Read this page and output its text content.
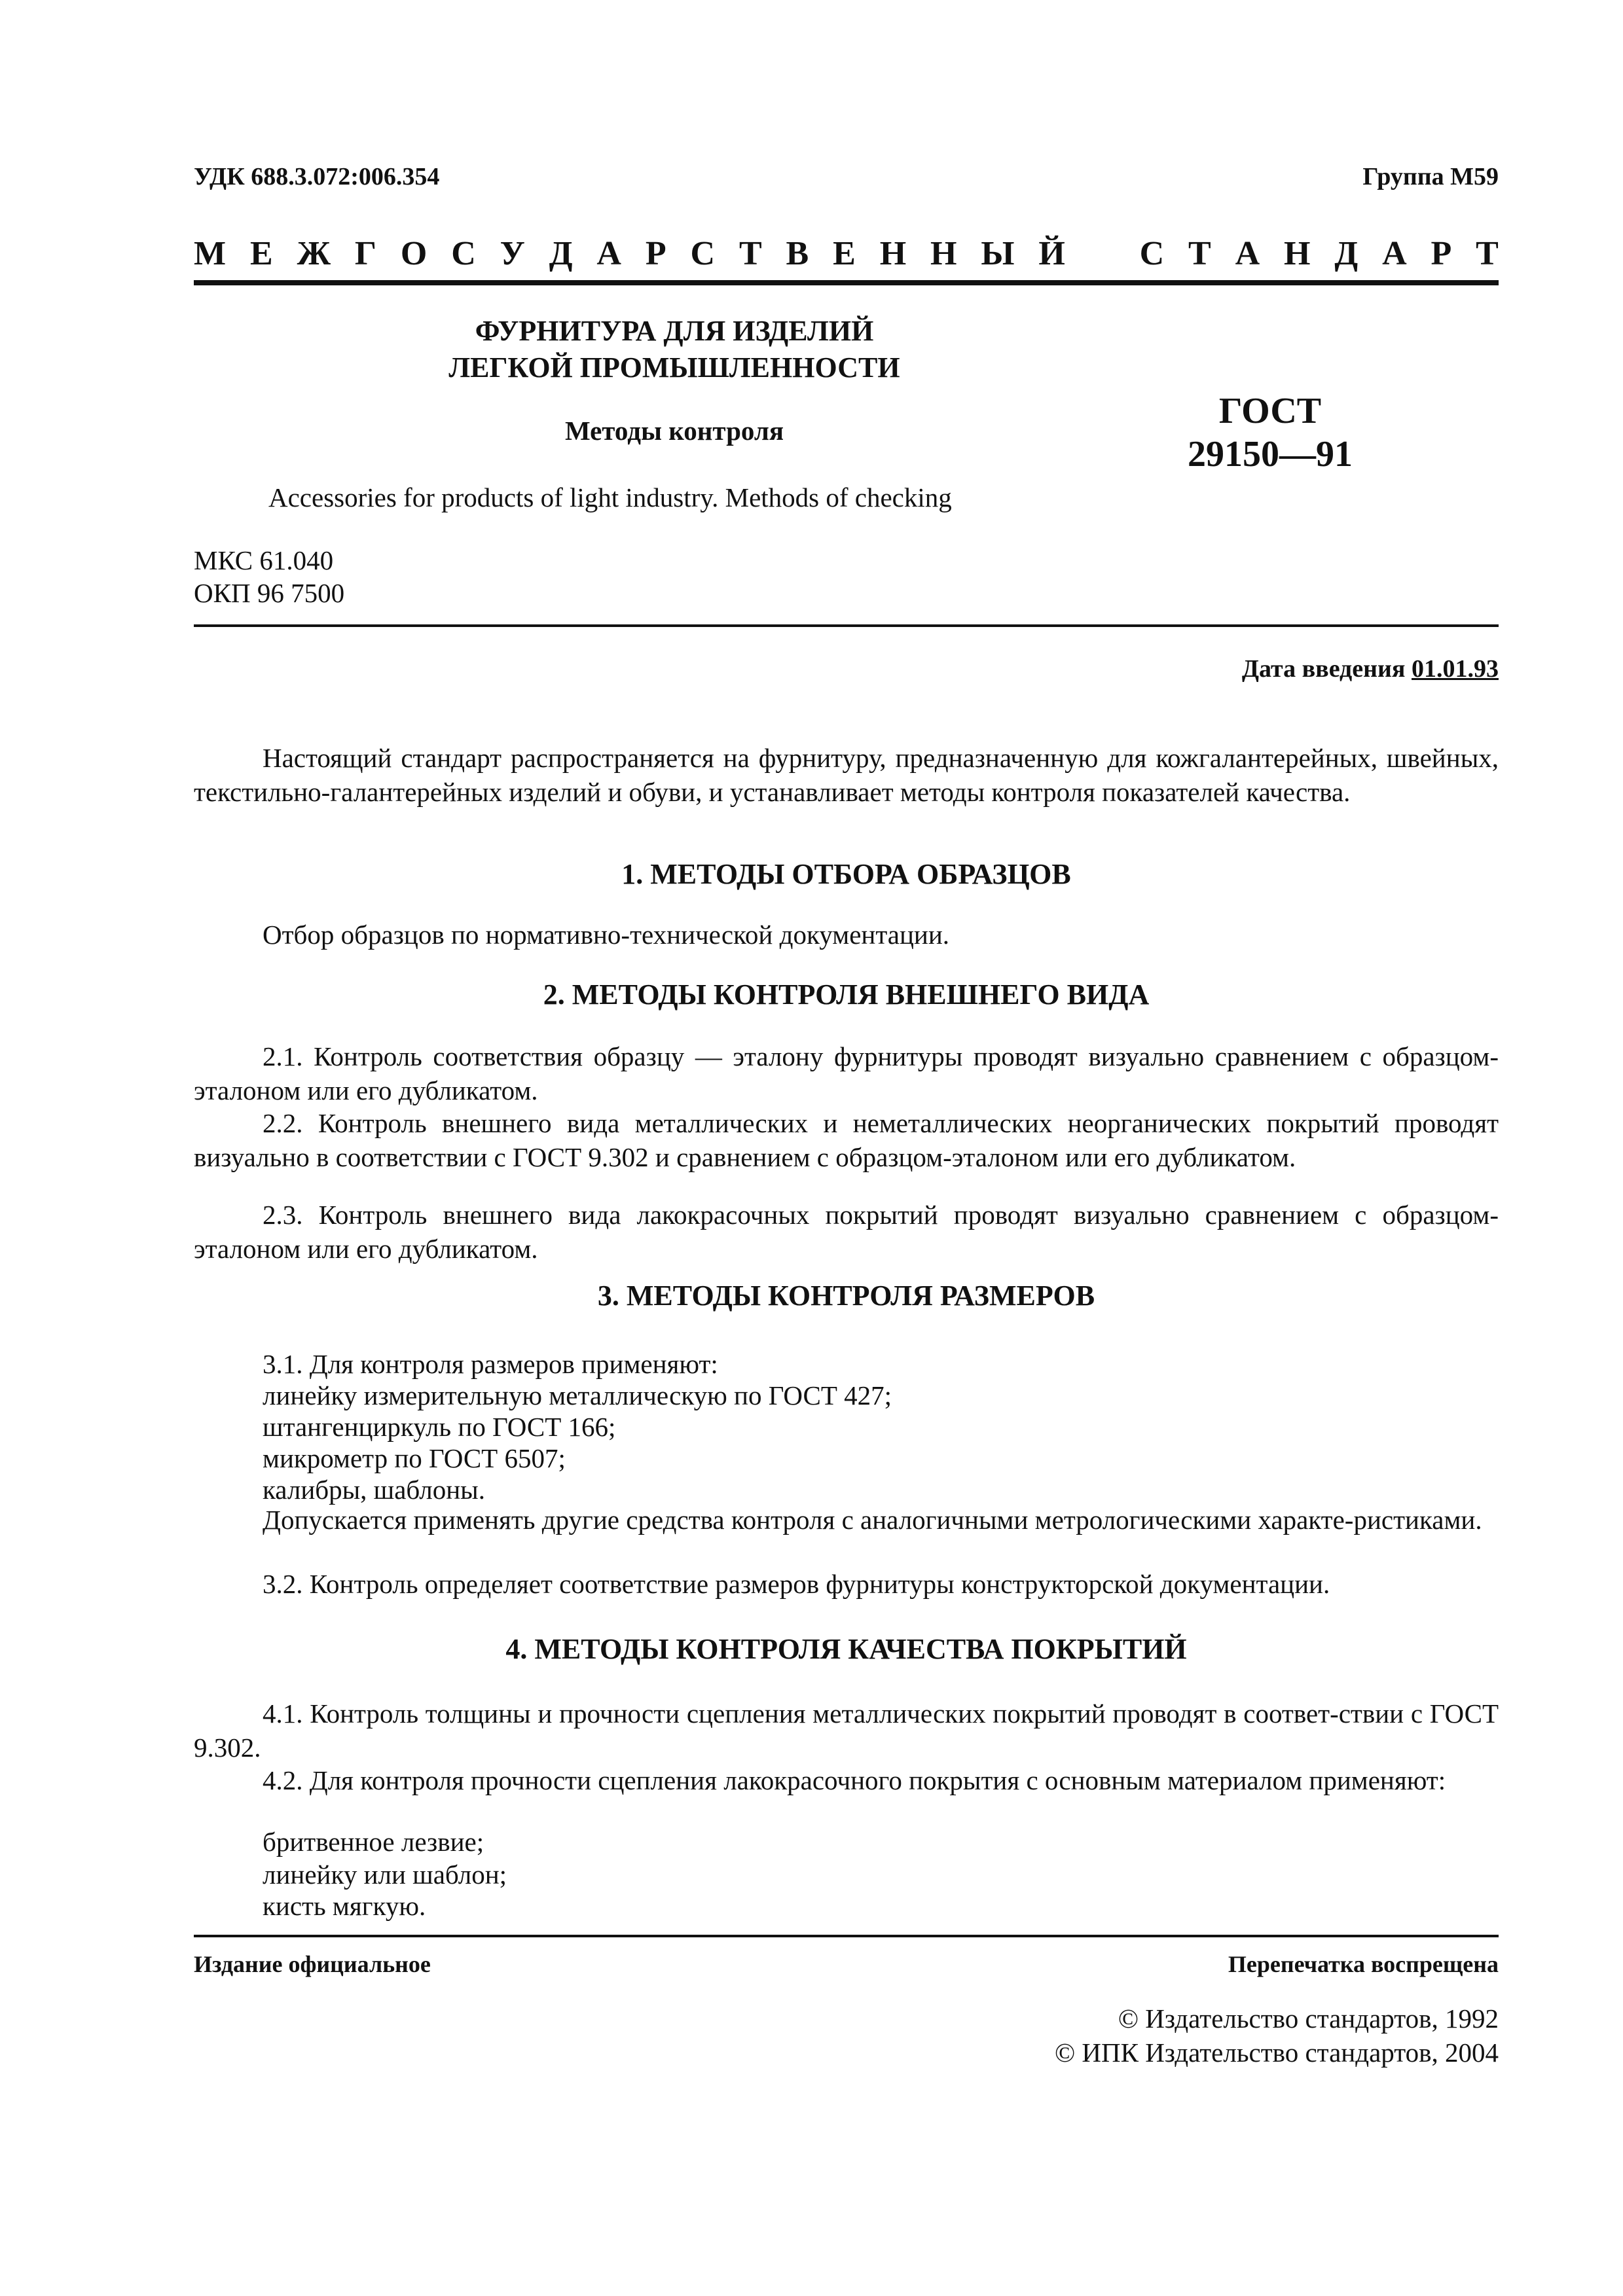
УДК 688.3.072:006.354	Группа М59
М Е Ж Г О С У Д А Р С Т В Е Н Н Ы Й С Т А Н Д А Р Т
ФУРНИТУРА ДЛЯ ИЗДЕЛИЙ
ЛЕГКОЙ ПРОМЫШЛЕННОСТИ
Методы контроля	ГОСТ
29150—91
Accessories for products of light industry. Methods of checking
МКС 61.040
ОКП 96 7500
Дата введения 01.01.93
Настоящий стандарт распространяется на фурнитуру, предназначенную для кожгалантерейных, швейных, текстильно-галантерейных изделий и обуви, и устанавливает методы контроля показателей качества.
1. МЕТОДЫ ОТБОРА ОБРАЗЦОВ
Отбор образцов по нормативно-технической документации.
2. МЕТОДЫ КОНТРОЛЯ ВНЕШНЕГО ВИДА
2.1. Контроль соответствия образцу — эталону фурнитуры проводят визуально сравнением с образцом-эталоном или его дубликатом.
2.2. Контроль внешнего вида металлических и неметаллических неорганических покрытий проводят визуально в соответствии с ГОСТ 9.302 и сравнением с образцом-эталоном или его дубликатом.
2.3. Контроль внешнего вида лакокрасочных покрытий проводят визуально сравнением с образцом-эталоном или его дубликатом.
3. МЕТОДЫ КОНТРОЛЯ РАЗМЕРОВ
3.1. Для контроля размеров применяют:
линейку измерительную металлическую по ГОСТ 427;
штангенциркуль по ГОСТ 166;
микрометр по ГОСТ 6507;
калибры, шаблоны.
Допускается применять другие средства контроля с аналогичными метрологическими характе-ристиками.
3.2. Контроль определяет соответствие размеров фурнитуры конструкторской документации.
4. МЕТОДЫ КОНТРОЛЯ КАЧЕСТВА ПОКРЫТИЙ
4.1. Контроль толщины и прочности сцепления металлических покрытий проводят в соответ-ствии с ГОСТ 9.302.
4.2. Для контроля прочности сцепления лакокрасочного покрытия с основным материалом применяют:
бритвенное лезвие;
линейку или шаблон;
кисть мягкую.
Издание официальное	Перепечатка воспрещена
© Издательство стандартов, 1992
© ИПК Издательство стандартов, 2004
